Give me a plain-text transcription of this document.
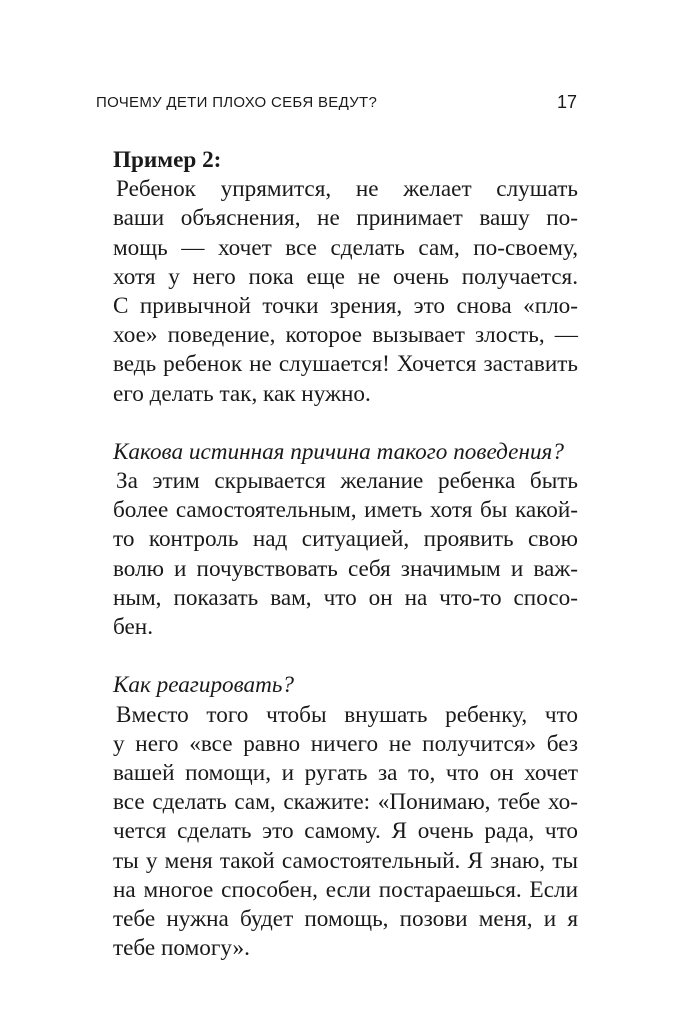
ПОЧЕМУ ДЕТИ ПЛОХО СЕБЯ ВЕДУТ?	17
Пример 2:
Ребенок упрямится, не желает слушать
ваши объяснения, не принимает вашу по-
мощь — хочет все сделать сам, по-своему,
хотя у него пока еще не очень получается.
С привычной точки зрения, это снова «пло-
хое» поведение, которое вызывает злость, —
ведь ребенок не слушается! Хочется заставить
его делать так, как нужно.
Какова истинная причина такого поведения?
За этим скрывается желание ребенка быть
более самостоятельным, иметь хотя бы какой-
то контроль над ситуацией, проявить свою
волю и почувствовать себя значимым и важ-
ным, показать вам, что он на что-то спосо-
бен.
Как реагировать?
Вместо того чтобы внушать ребенку, что
у него «все равно ничего не получится» без
вашей помощи, и ругать за то, что он хочет
все сделать сам, скажите: «Понимаю, тебе хо-
чется сделать это самому. Я очень рада, что
ты у меня такой самостоятельный. Я знаю, ты
на многое способен, если постараешься. Если
тебе нужна будет помощь, позови меня, и я
тебе помогу».
